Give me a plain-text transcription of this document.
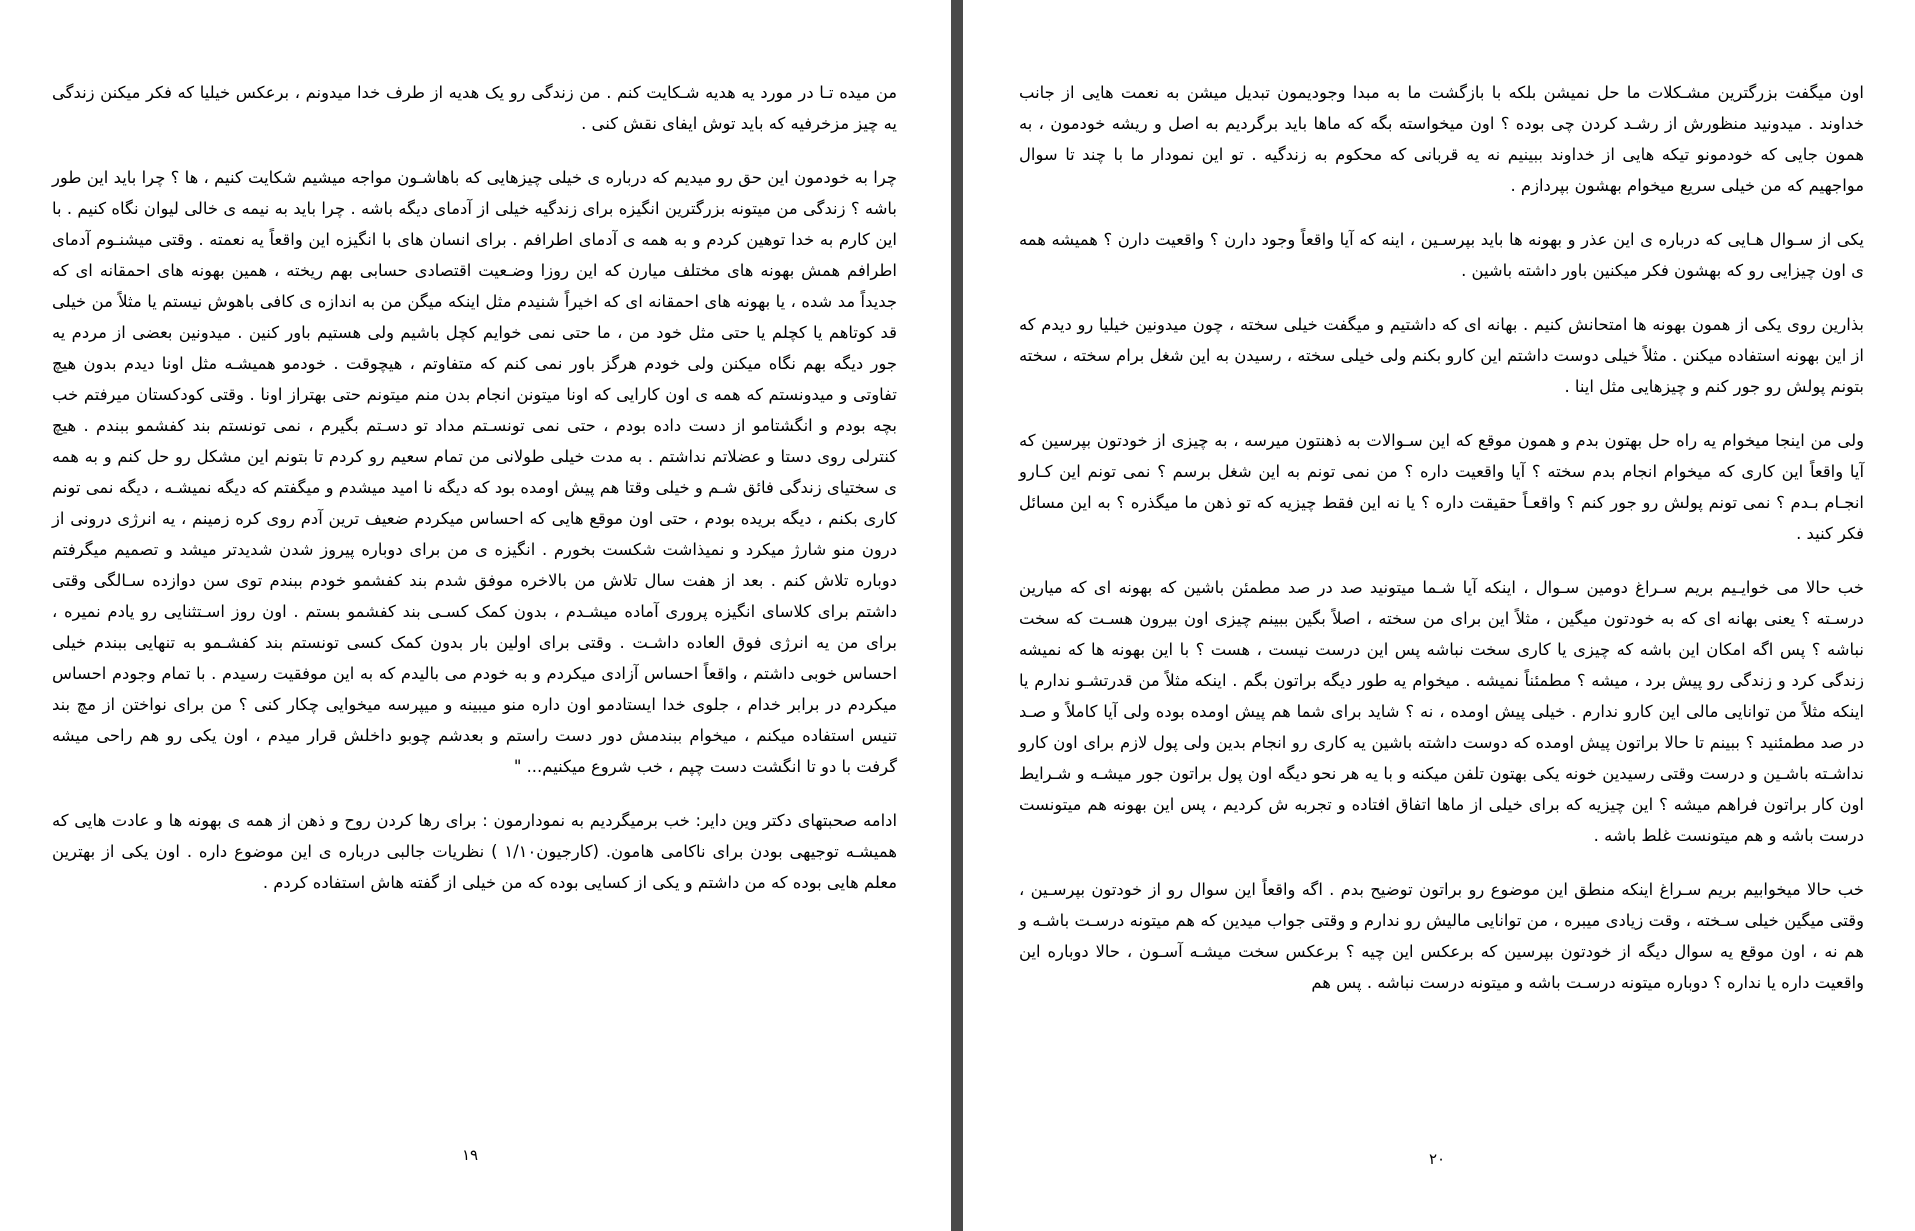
من میده تـا در مورد یه هدیه شـکایت کنم . من زندگی رو یک هدیه از طرف خدا میدونم ، برعکس خیلیا که فکر میکنن زندگی یه چیز مزخرفیه که باید توش ایفای نقش کنی .

چرا به خودمون این حق رو میدیم که درباره ی خیلی چیزهایی که باهاشـون مواجه میشیم شکایت کنیم ، ها ؟ چرا باید این طور باشه ؟ زندگی من میتونه بزرگترین انگیزه برای زندگیه خیلی از آدمای دیگه باشه . چرا باید به نیمه ی خالی لیوان نگاه کنیم . با این کارم به خدا توهین کردم و به همه ی آدمای اطرافم . برای انسان های با انگیزه این واقعاً یه نعمته . وقتی میشنـوم آدمای اطرافم همش بهونه های مختلف میارن که این روزا وضـعیت اقتصادی حسابی بهم ریخته ، همین بهونه های احمقانه ای که جدیداً مد شده ، یا بهونه های احمقانه ای که اخیراً شنیدم مثل اینکه میگن من به اندازه ی کافی باهوش نیستم یا مثلاً من خیلی قد کوتاهم یا کچلم یا حتی مثل خود من ، ما حتی نمی خوایم کچل باشیم ولی هستیم باور کنین . میدونین بعضی از مردم یه جور دیگه بهم نگاه میکنن ولی خودم هرگز باور نمی کنم که متفاوتم ، هیچوقت . خودمو همیشـه مثل اونا دیدم بدون هیچ تفاوتی و میدونستم که همه ی اون کارایی که اونا میتونن انجام بدن منم میتونم حتی بهتراز اونا . وقتی کودکستان میرفتم خب بچه بودم و انگشتامو از دست داده بودم ، حتی نمی تونسـتم مداد تو دسـتم بگیرم ، نمی تونستم بند کفشمو ببندم . هیچ کنترلی روی دستا و عضلاتم نداشتم . به مدت خیلی طولانی من تمام سعیم رو کردم تا بتونم این مشکل رو حل کنم و به همه ی سختیای زندگی فائق شـم و خیلی وقتا هم پیش اومده بود که دیگه نا امید میشدم و میگفتم که دیگه نمیشـه ، دیگه نمی تونم کاری بکنم ، دیگه بریده بودم ، حتی اون موقع هایی که احساس میکردم ضعیف ترین آدم روی کره زمینم ، یه انرژی درونی از درون منو شارژ میکرد و نمیذاشت شکست بخورم . انگیزه ی من برای دوباره پیروز شدن شدیدتر میشد و تصمیم میگرفتم دوباره تلاش کنم . بعد از هفت سال تلاش من بالاخره موفق شدم بند کفشمو خودم ببندم توی سن دوازده سـالگی وقتی داشتم برای کلاسای انگیزه پروری آماده میشـدم ، بدون کمک کسـی بند کفشمو بستم . اون روز اسـتثنایی رو یادم نمیره ، برای من یه انرژی فوق العاده داشـت . وقتی برای اولین بار بدون کمک کسی تونستم بند کفشـمو به تنهایی ببندم خیلی احساس خوبی داشتم ، واقعاً احساس آزادی میکردم و به خودم می بالیدم که به این موفقیت رسیدم . با تمام وجودم احساس میکردم در برابر خدام ، جلوی خدا ایستادمو اون داره منو میبینه و میپرسه میخوایی چکار کنی ؟ من برای نواختن از مچ بند تنیس استفاده میکنم ، میخوام ببندمش دور دست راستم و بعدشم چوبو داخلش قرار میدم ، اون یکی رو هم راحی میشه گرفت با دو تا انگشت دست چپم ، خب شروع میکنیم... "

ادامه صحبتهای دکتر وین دایر: خب برمیگردیم به نمودارمون : برای رها کردن روح و ذهن از همه ی بهونه ها و عادت هایی که همیشـه توجیهی بودن برای ناکامی هامون. (کارجیون۱/۱۰ ) نظریات جالبی درباره ی این موضوع داره . اون یکی از بهترین معلم هایی بوده که من داشتم و یکی از کسایی بوده که من خیلی از گفته هاش استفاده کردم .

۱۹

اون میگفت بزرگترین مشـکلات ما حل نمیشن بلکه با بازگشت ما به مبدا وجودیمون تبدیل میشن به نعمت هایی از جانب خداوند . میدونید منظورش از رشـد کردن چی بوده ؟ اون میخواسته بگه که ماها باید برگردیم به اصل و ریشه خودمون ، به همون جایی که خودمونو تیکه هایی از خداوند ببینیم نه یه قربانی که محکوم به زندگیه . تو این نمودار ما با چند تا سوال مواجهیم که من خیلی سریع میخوام بهشون بپردازم .

یکی از سـوال هـایی که درباره ی این عذر و بهونه ها باید بپرسـین ، اینه که آیا واقعاً وجود دارن ؟ واقعیت دارن ؟ همیشه همه ی اون چیزایی رو که بهشون فکر میکنین باور داشته باشین .

بذارین روی یکی از همون بهونه ها امتحانش کنیم . بهانه ای که داشتیم و میگفت خیلی سخته ، چون میدونین خیلیا رو دیدم که از این بهونه استفاده میکنن . مثلاً خیلی دوست داشتم این کارو بکنم ولی خیلی سخته ، رسیدن به این شغل برام سخته ، سخته بتونم پولش رو جور کنم و چیزهایی مثل اینا .

ولی من اینجا میخوام یه راه حل بهتون بدم و همون موقع که این سـوالات به ذهنتون میرسه ، به چیزی از خودتون بپرسین که آیا واقعاً این کاری که میخوام انجام بدم سخته ؟ آیا واقعیت داره ؟ من نمی تونم به این شغل برسم ؟ نمی تونم این کـارو انجـام بـدم ؟ نمی تونم پولش رو جور کنم ؟ واقعـاً حقیقت داره ؟ یا نه این فقط چیزیه که تو ذهن ما میگذره ؟ به این مسائل فکر کنید .

خب حالا می خوایـیم بریم سـراغ دومین سـوال ، اینکه آیا شـما میتونید صد در صد مطمئن باشین که بهونه ای که میارین درسـته ؟ یعنی بهانه ای که به خودتون میگین ، مثلاً این برای من سخته ، اصلاً بگین ببینم چیزی اون بیرون هسـت که سخت نباشه ؟ پس اگه امکان این باشه که چیزی یا کاری سخت نباشه پس این درست نیست ، هست ؟ با این بهونه ها که نمیشه زندگی کرد و زندگی رو پیش برد ، میشه ؟ مطمئناً نمیشه . میخوام یه طور دیگه براتون بگم . اینکه مثلاً من قدرتشـو ندارم یا اینکه مثلاً من توانایی مالی این کارو ندارم . خیلی پیش اومده ، نه ؟ شاید برای شما هم پیش اومده بوده ولی آیا کاملاً و صـد در صد مطمئنید ؟ ببینم تا حالا براتون پیش اومده که دوست داشته باشین یه کاری رو انجام بدین ولی پول لازم برای اون کارو نداشـته باشـین و درست وقتی رسیدین خونه یکی بهتون تلفن میکنه و با یه هر نحو دیگه اون پول براتون جور میشـه و شـرایط اون کار براتون فراهم میشه ؟ این چیزیه که برای خیلی از ماها اتفاق افتاده و تجربه ش کردیم ، پس این بهونه هم میتونست درست باشه و هم میتونست غلط باشه .

خب حالا میخوابیم بریم سـراغ اینکه منطق این موضوع رو براتون توضیح بدم . اگه واقعاً این سوال رو از خودتون بپرسـین ، وقتی میگین خیلی سـخته ، وقت زیادی میبره ، من توانایی مالیش رو ندارم و وقتی جواب میدین که هم میتونه درسـت باشـه و هم نه ، اون موقع یه سوال دیگه از خودتون بپرسین که برعکس این چیه ؟ برعکس سخت میشـه آسـون ، حالا دوباره این واقعیت داره یا نداره ؟ دوباره میتونه درسـت باشه و میتونه درست نباشه . پس هم

۲۰
